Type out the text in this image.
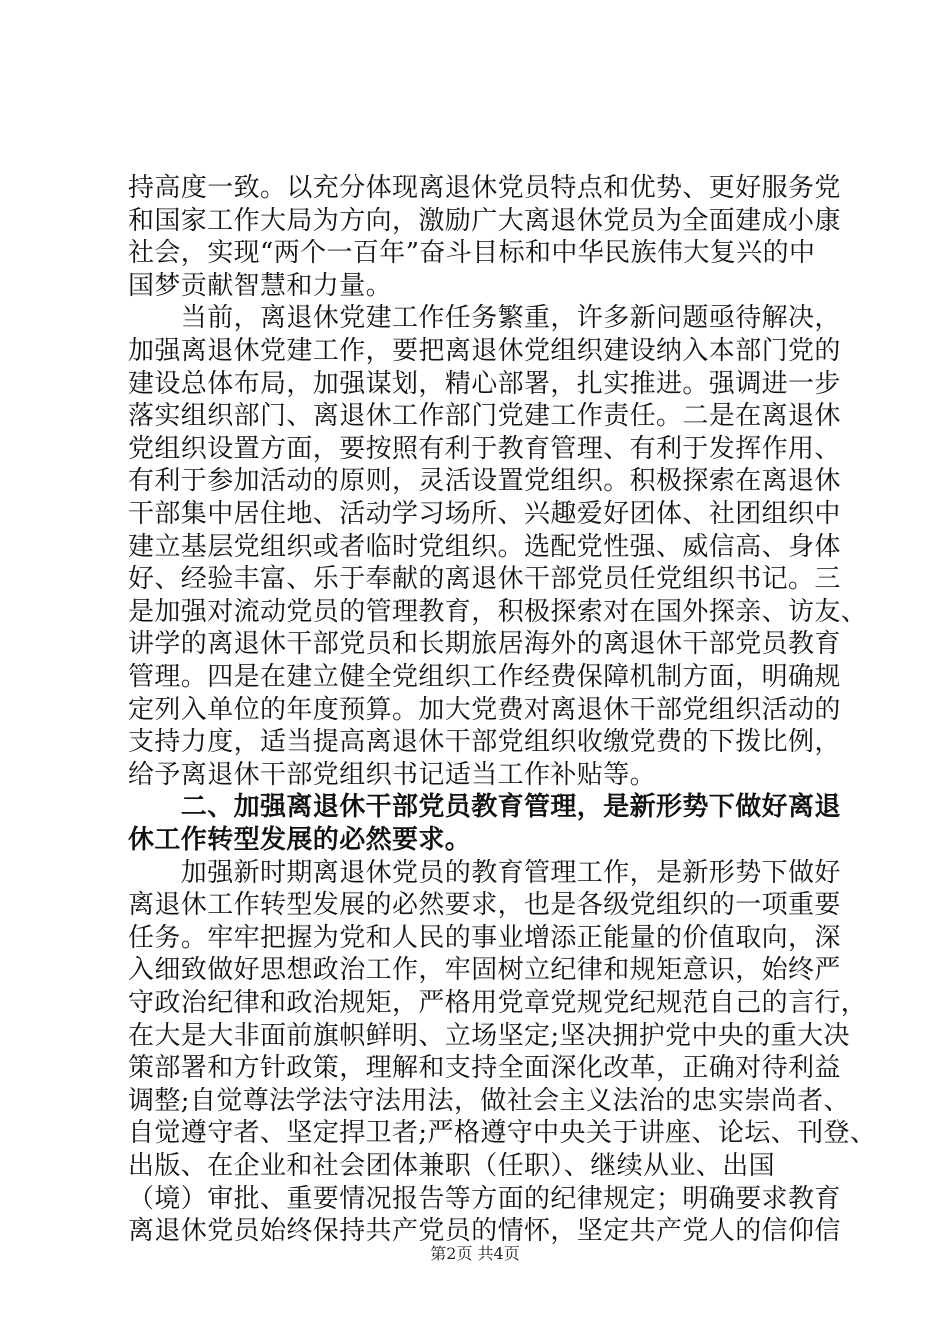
持高度一致。以充分体现离退休党员特点和优势、更好服务党
和国家工作大局为方向，激励广大离退休党员为全面建成小康
社会，实现“两个一百年”奋斗目标和中华民族伟大复兴的中
国梦贡献智慧和力量。
　　当前，离退休党建工作任务繁重，许多新问题亟待解决，
加强离退休党建工作，要把离退休党组织建设纳入本部门党的
建设总体布局，加强谋划，精心部署，扎实推进。强调进一步
落实组织部门、离退休工作部门党建工作责任。二是在离退休
党组织设置方面，要按照有利于教育管理、有利于发挥作用、
有利于参加活动的原则，灵活设置党组织。积极探索在离退休
干部集中居住地、活动学习场所、兴趣爱好团体、社团组织中
建立基层党组织或者临时党组织。选配党性强、威信高、身体
好、经验丰富、乐于奉献的离退休干部党员任党组织书记。三
是加强对流动党员的管理教育，积极探索对在国外探亲、访友、
讲学的离退休干部党员和长期旅居海外的离退休干部党员教育
管理。四是在建立健全党组织工作经费保障机制方面，明确规
定列入单位的年度预算。加大党费对离退休干部党组织活动的
支持力度，适当提高离退休干部党组织收缴党费的下拨比例，
给予离退休干部党组织书记适当工作补贴等。
　　二、加强离退休干部党员教育管理，是新形势下做好离退
休工作转型发展的必然要求。
　　加强新时期离退休党员的教育管理工作，是新形势下做好
离退休工作转型发展的必然要求，也是各级党组织的一项重要
任务。牢牢把握为党和人民的事业增添正能量的价值取向，深
入细致做好思想政治工作，牢固树立纪律和规矩意识，始终严
守政治纪律和政治规矩，严格用党章党规党纪规范自己的言行，
在大是大非面前旗帜鲜明、立场坚定;坚决拥护党中央的重大决
策部署和方针政策，理解和支持全面深化改革，正确对待利益
调整;自觉尊法学法守法用法，做社会主义法治的忠实崇尚者、
自觉遵守者、坚定捍卫者;严格遵守中央关于讲座、论坛、刊登、
出版、在企业和社会团体兼职（任职）、继续从业、出国
（境）审批、重要情况报告等方面的纪律规定；明确要求教育
离退休党员始终保持共产党员的情怀，坚定共产党人的信仰信
第2页 共4页
